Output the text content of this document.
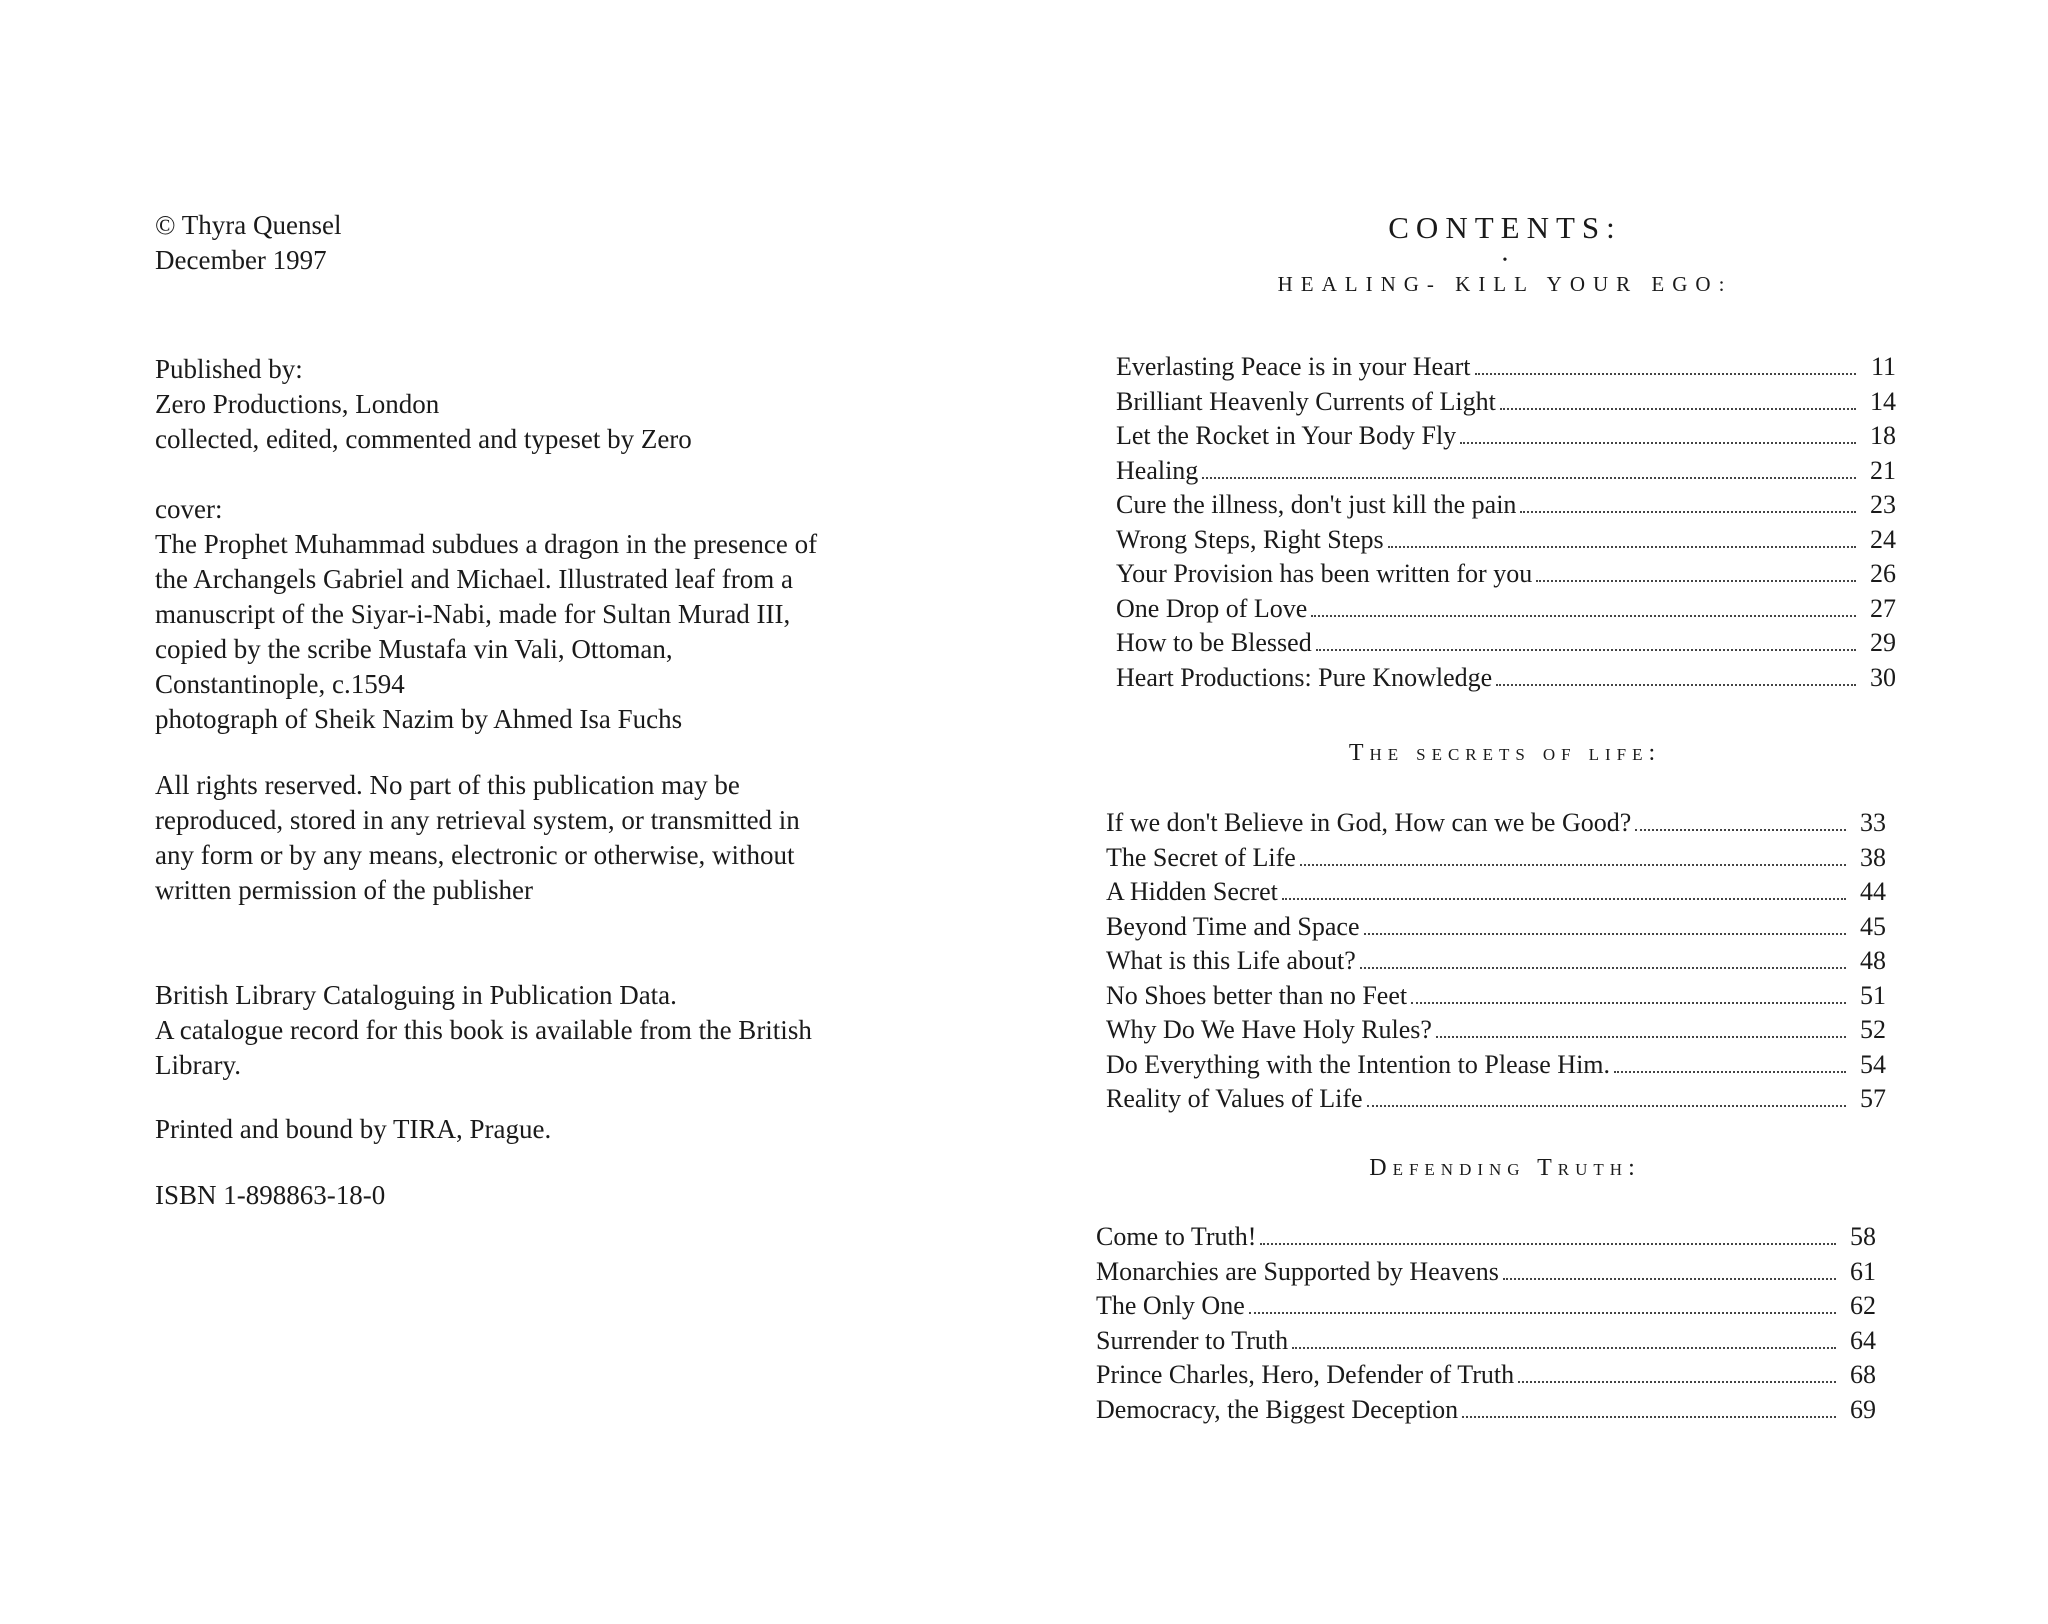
© Thyra Quensel
December 1997
Published by:
Zero Productions, London
collected, edited, commented and typeset by Zero
cover:
The Prophet Muhammad subdues a dragon in the presence of
the Archangels Gabriel and Michael. Illustrated leaf from a
manuscript of the Siyar-i-Nabi, made for Sultan Murad III,
copied by the scribe Mustafa vin Vali, Ottoman,
Constantinople, c.1594
photograph of Sheik Nazim by Ahmed Isa Fuchs
All rights reserved. No part of this publication may be
reproduced, stored in any retrieval system, or transmitted in
any form or by any means, electronic or otherwise, without
written permission of the publisher
British Library Cataloguing in Publication Data.
A catalogue record for this book is available from the British
Library.
Printed and bound by TIRA, Prague.
ISBN 1-898863-18-0
CONTENTS:
•
HEALING- KILL YOUR EGO:
Everlasting Peace is in your Heart	11
Brilliant Heavenly Currents of Light	14
Let the Rocket in Your Body Fly	18
Healing	21
Cure the illness, don't just kill the pain	23
Wrong Steps, Right Steps	24
Your Provision has been written for you	26
One Drop of Love	27
How to be Blessed	29
Heart Productions: Pure Knowledge	30
The secrets of life:
If we don't Believe in God, How can we be Good?	33
The Secret of Life	38
A Hidden Secret	44
Beyond Time and Space	45
What is this Life about?	48
No Shoes better than no Feet	51
Why Do We Have Holy Rules?	52
Do Everything with the Intention to Please Him.	54
Reality of Values of Life	57
Defending Truth:
Come to Truth!	58
Monarchies are Supported by Heavens	61
The Only One	62
Surrender to Truth	64
Prince Charles, Hero, Defender of Truth	68
Democracy, the Biggest Deception	69
